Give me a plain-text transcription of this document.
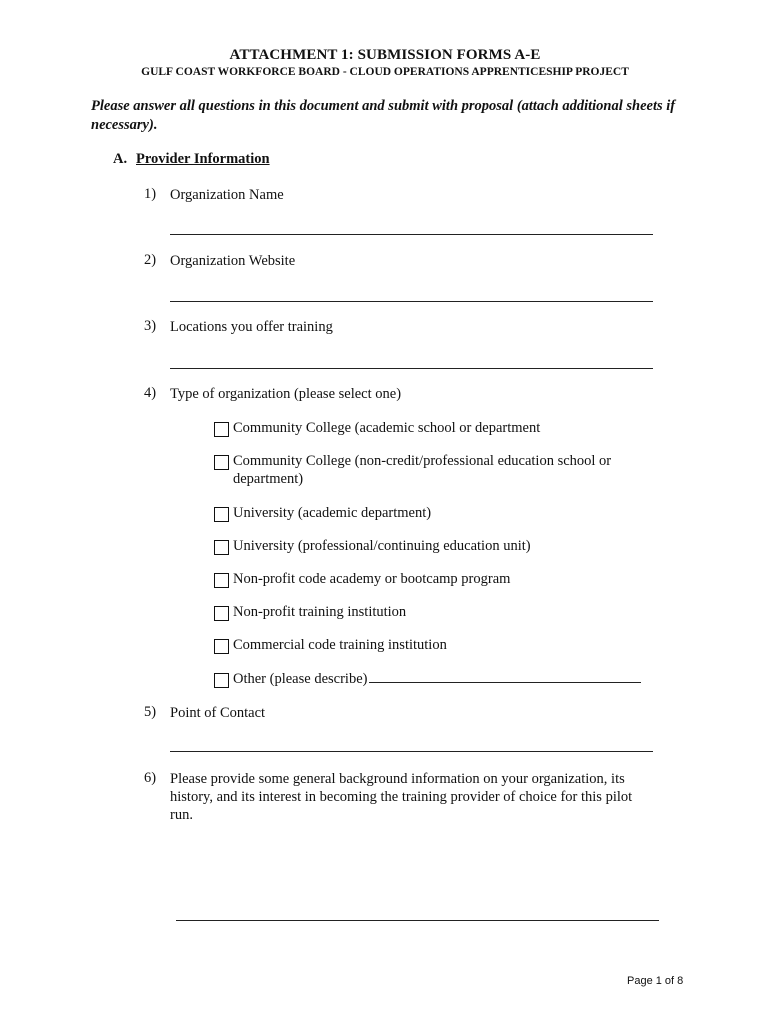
ATTACHMENT 1: SUBMISSION FORMS A-E
GULF COAST WORKFORCE BOARD - CLOUD OPERATIONS APPRENTICESHIP PROJECT
Please answer all questions in this document and submit with proposal (attach additional sheets if necessary).
A. Provider Information
1) Organization Name
2) Organization Website
3) Locations you offer training
4) Type of organization (please select one)
Community College (academic school or department
Community College (non-credit/professional education school or department)
University (academic department)
University (professional/continuing education unit)
Non-profit code academy or bootcamp program
Non-profit training institution
Commercial code training institution
Other (please describe)
5) Point of Contact
6) Please provide some general background information on your organization, its history, and its interest in becoming the training provider of choice for this pilot run.
Page 1 of 8
